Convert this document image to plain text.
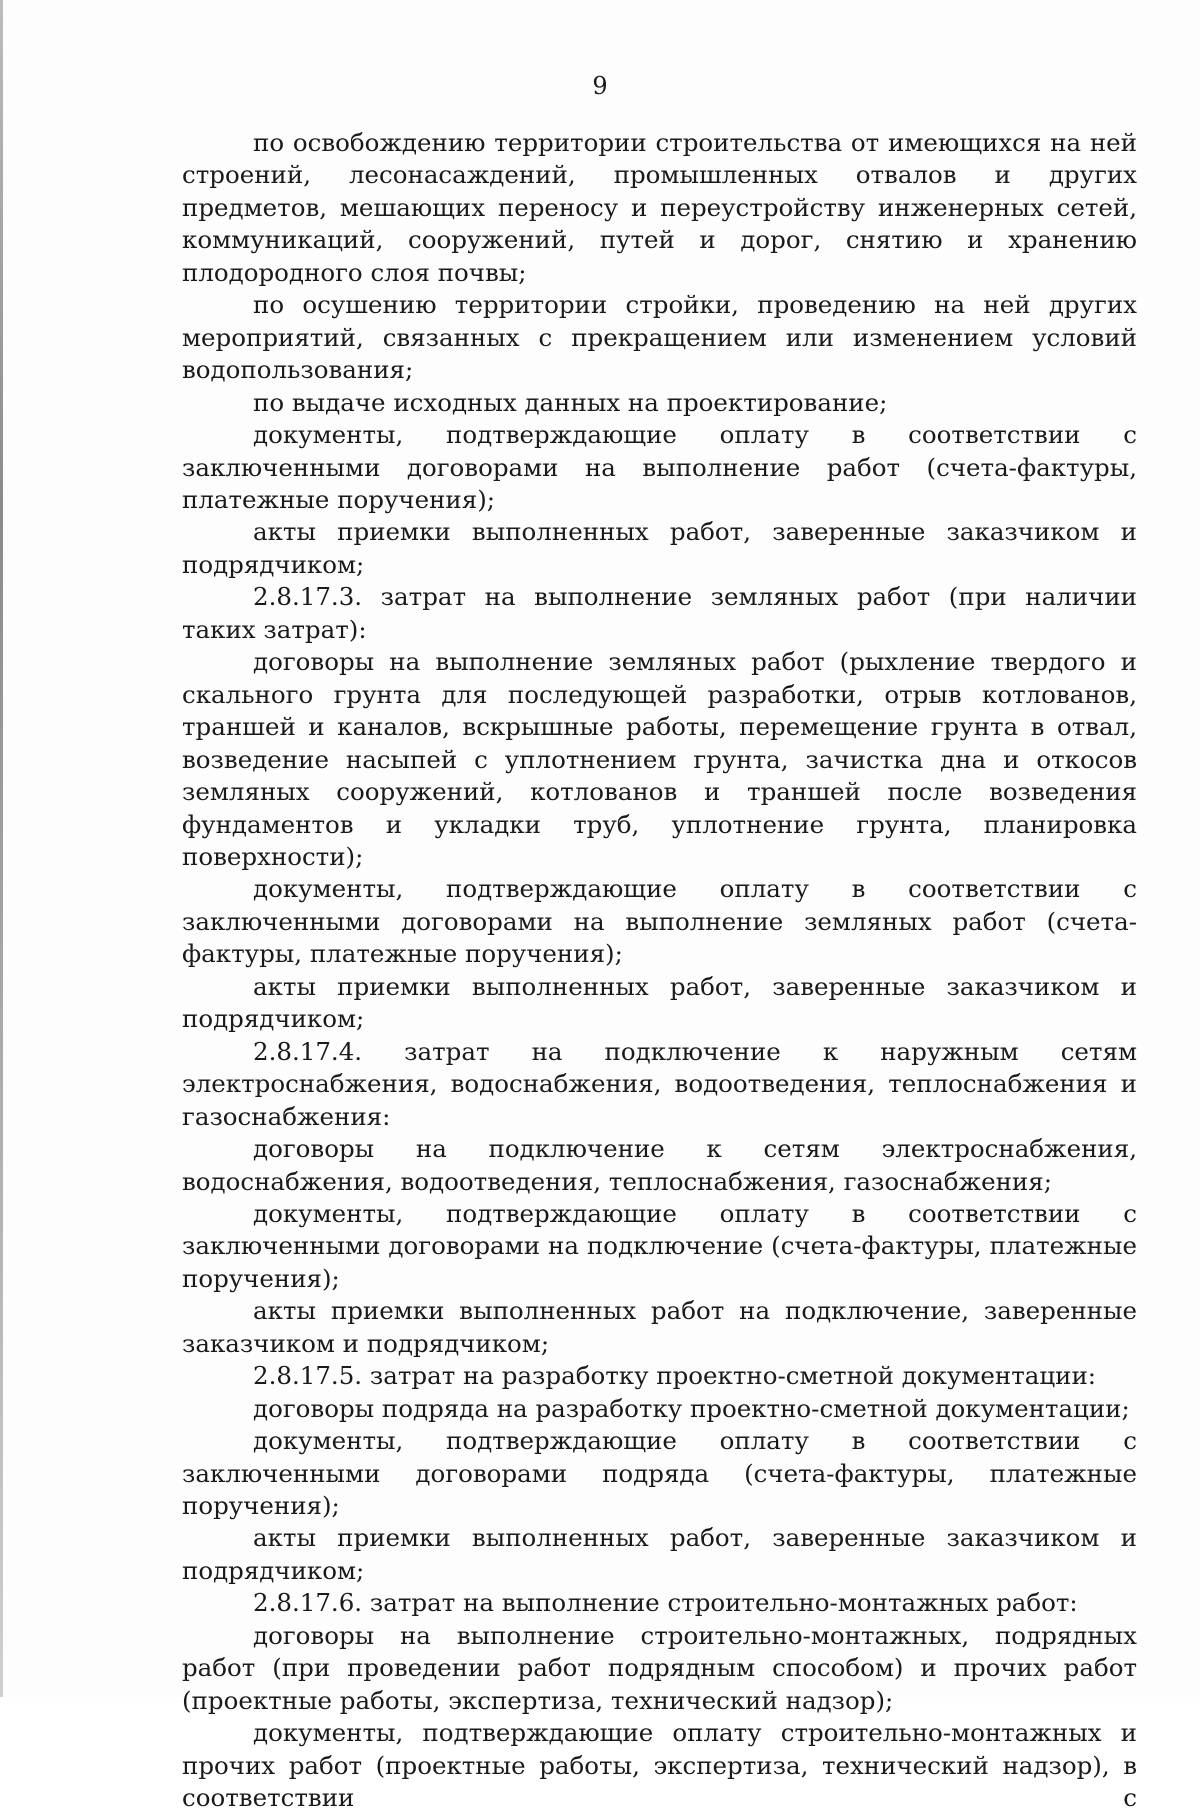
9

по освобождению территории строительства от имеющихся на ней строений, лесонасаждений, промышленных отвалов и других предметов, мешающих переносу и переустройству инженерных сетей, коммуникаций, сооружений, путей и дорог, снятию и хранению плодородного слоя почвы;

по осушению территории стройки, проведению на ней других мероприятий, связанных с прекращением или изменением условий водопользования;

по выдаче исходных данных на проектирование;

документы, подтверждающие оплату в соответствии с заключенными договорами на выполнение работ (счета-фактуры, платежные поручения);

акты приемки выполненных работ, заверенные заказчиком и подрядчиком;

2.8.17.3. затрат на выполнение земляных работ (при наличии таких затрат):

договоры на выполнение земляных работ (рыхление твердого и скального грунта для последующей разработки, отрыв котлованов, траншей и каналов, вскрышные работы, перемещение грунта в отвал, возведение насыпей с уплотнением грунта, зачистка дна и откосов земляных сооружений, котлованов и траншей после возведения фундаментов и укладки труб, уплотнение грунта, планировка поверхности);

документы, подтверждающие оплату в соответствии с заключенными договорами на выполнение земляных работ (счета-фактуры, платежные поручения);

акты приемки выполненных работ, заверенные заказчиком и подрядчиком;

2.8.17.4. затрат на подключение к наружным сетям электроснабжения, водоснабжения, водоотведения, теплоснабжения и газоснабжения:

договоры на подключение к сетям электроснабжения, водоснабжения, водоотведения, теплоснабжения, газоснабжения;

документы, подтверждающие оплату в соответствии с заключенными договорами на подключение (счета-фактуры, платежные поручения);

акты приемки выполненных работ на подключение, заверенные заказчиком и подрядчиком;

2.8.17.5. затрат на разработку проектно-сметной документации:

договоры подряда на разработку проектно-сметной документации;

документы, подтверждающие оплату в соответствии с заключенными договорами подряда (счета-фактуры, платежные поручения);

акты приемки выполненных работ, заверенные заказчиком и подрядчиком;

2.8.17.6. затрат на выполнение строительно-монтажных работ:

договоры на выполнение строительно-монтажных, подрядных работ (при проведении работ подрядным способом) и прочих работ (проектные работы, экспертиза, технический надзор);

документы, подтверждающие оплату строительно-монтажных и прочих работ (проектные работы, экспертиза, технический надзор), в соответствии с
